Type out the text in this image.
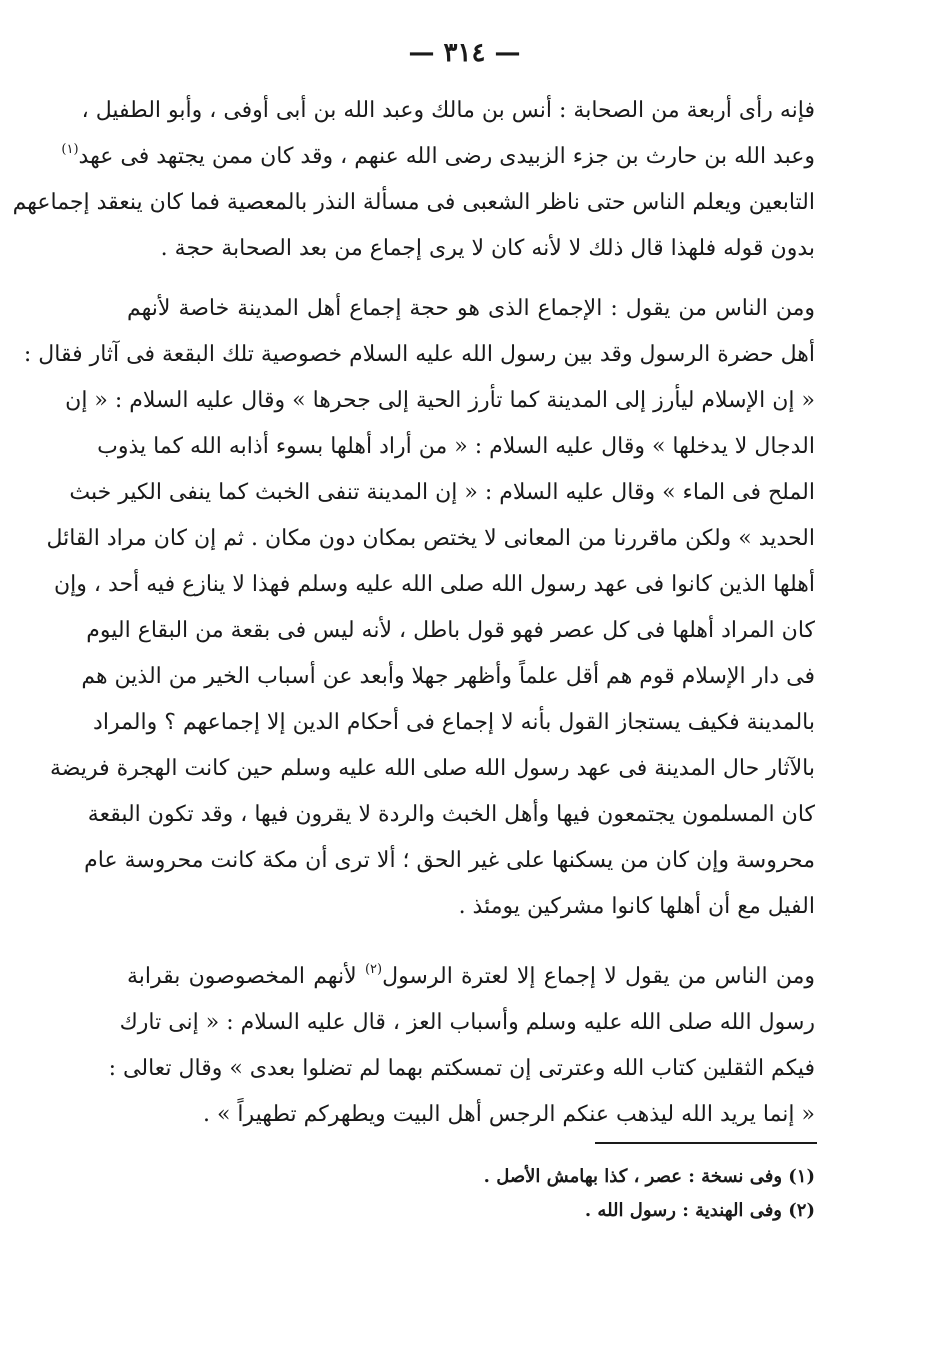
— ٣١٤ —
فإنه رأى أربعة من الصحابة : أنس بن مالك وعبد الله بن أبى أوفى ، وأبو الطفيل ،
وعبد الله بن حارث بن جزء الزبيدى رضى الله عنهم ، وقد كان ممن يجتهد فى عهد$^{(١)}$
التابعين ويعلم الناس حتى ناظر الشعبى فى مسألة النذر بالمعصية فما كان ينعقد إجماعهم
بدون قوله فلهذا قال ذلك لا لأنه كان لا يرى إجماع من بعد الصحابة حجة .
ومن الناس من يقول : الإجماع الذى هو حجة إجماع أهل المدينة خاصة لأنهم
أهل حضرة الرسول وقد بين رسول الله عليه السلام خصوصية تلك البقعة فى آثار فقال :
« إن الإسلام ليأرز إلى المدينة كما تأرز الحية إلى جحرها » وقال عليه السلام : « إن
الدجال لا يدخلها » وقال عليه السلام : « من أراد أهلها بسوء أذابه الله كما يذوب
الملح فى الماء » وقال عليه السلام : « إن المدينة تنفى الخبث كما ينفى الكير خبث
الحديد » ولكن ماقررنا من المعانى لا يختص بمكان دون مكان . ثم إن كان مراد القائل
أهلها الذين كانوا فى عهد رسول الله صلى الله عليه وسلم فهذا لا ينازع فيه أحد ، وإن
كان المراد أهلها فى كل عصر فهو قول باطل ، لأنه ليس فى بقعة من البقاع اليوم
فى دار الإسلام قوم هم أقل علماً وأظهر جهلا وأبعد عن أسباب الخير من الذين هم
بالمدينة فكيف يستجاز القول بأنه لا إجماع فى أحكام الدين إلا إجماعهم ؟ والمراد
بالآثار حال المدينة فى عهد رسول الله صلى الله عليه وسلم حين كانت الهجرة فريضة
كان المسلمون يجتمعون فيها وأهل الخبث والردة لا يقرون فيها ، وقد تكون البقعة
محروسة وإن كان من يسكنها على غير الحق ؛ ألا ترى أن مكة كانت محروسة عام
الفيل مع أن أهلها كانوا مشركين يومئذ .
ومن الناس من يقول لا إجماع إلا لعترة الرسول$^{(٢)}$ لأنهم المخصوصون بقرابة
رسول الله صلى الله عليه وسلم وأسباب العز ، قال عليه السلام : « إنى تارك
فيكم الثقلين كتاب الله وعترتى إن تمسكتم بهما لم تضلوا بعدى » وقال تعالى :
« إنما يريد الله ليذهب عنكم الرجس أهل البيت ويطهركم تطهيراً » .
(١) وفى نسخة : عصر ، كذا بهامش الأصل .
(٢) وفى الهندية : رسول الله .
